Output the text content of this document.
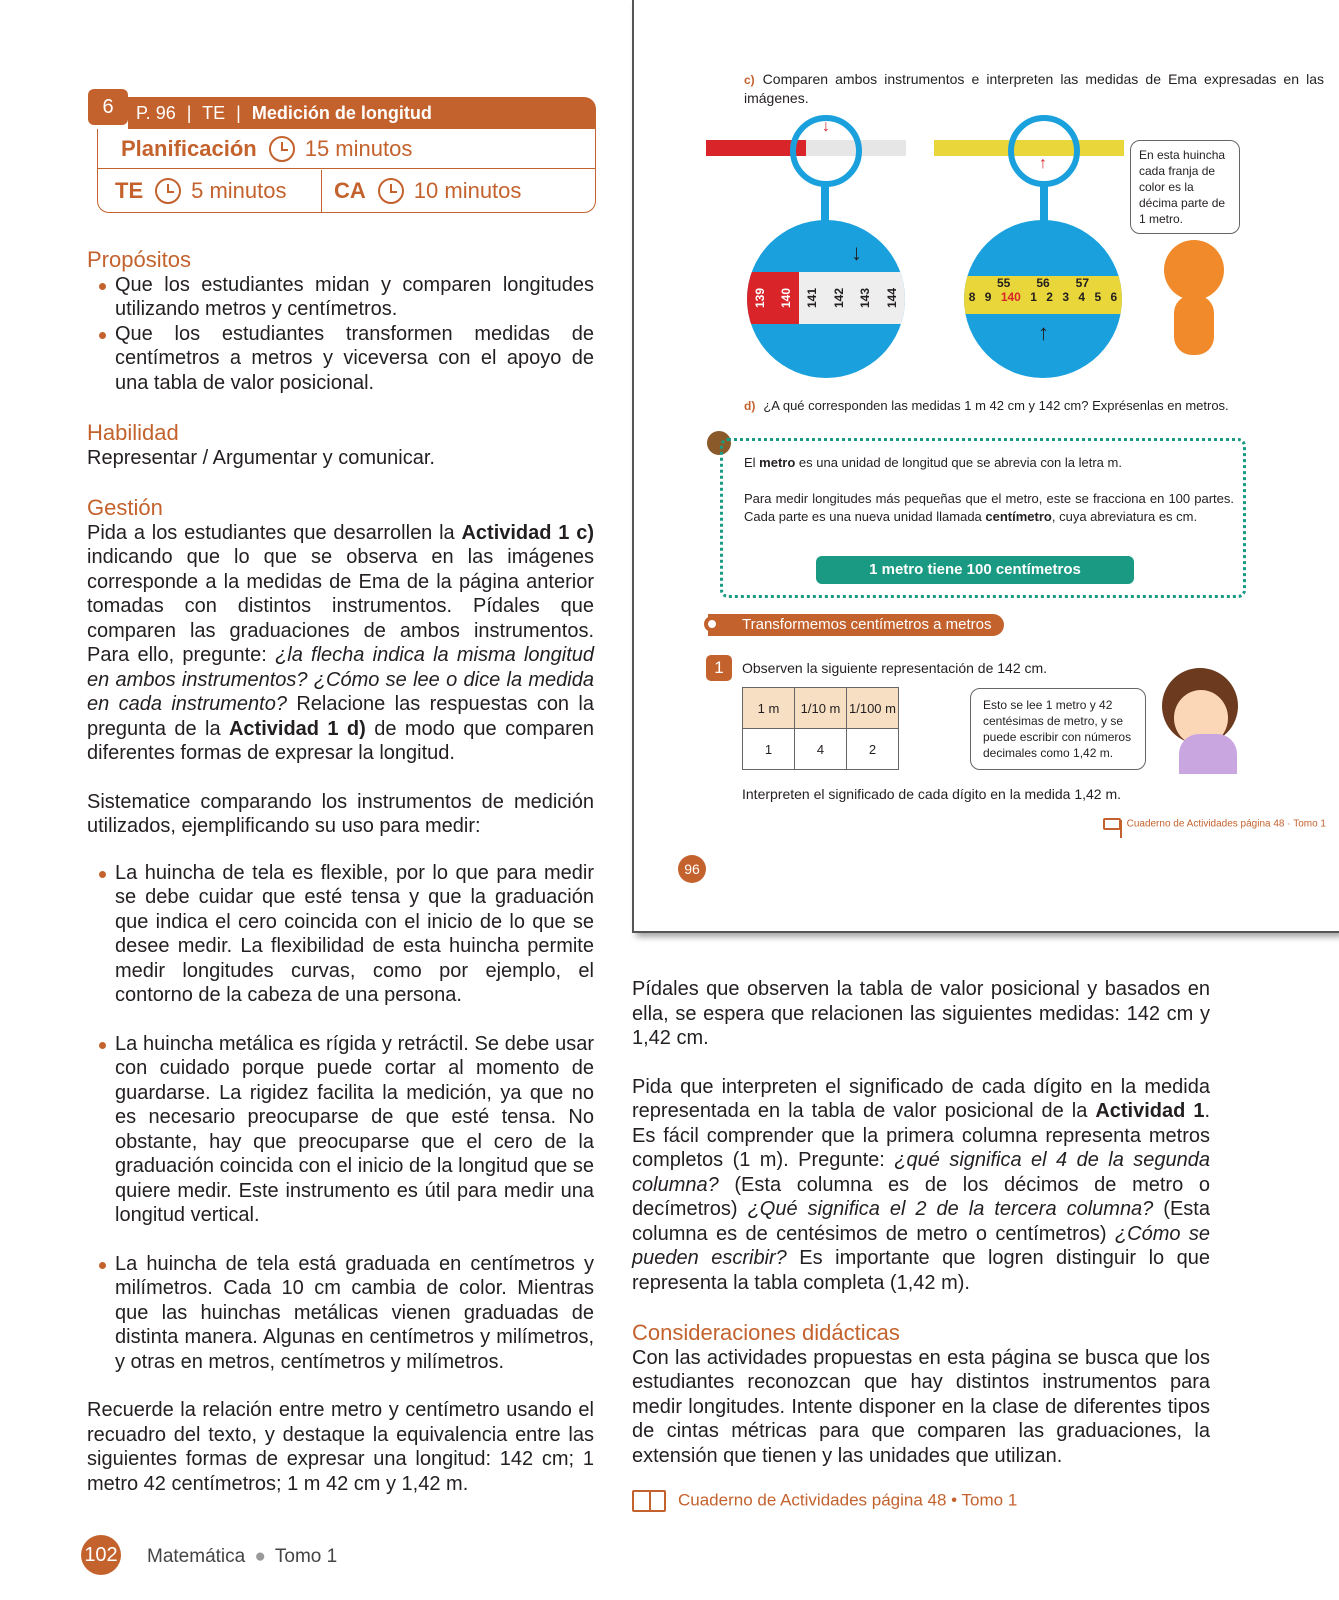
6	P. 96 | TE | Medición de longitud
Planificación 15 minutos
TE 5 minutos CA 10 minutos
Propósitos
Que los estudiantes midan y comparen longitudes utilizando metros y centímetros.
Que los estudiantes transformen medidas de centímetros a metros y viceversa con el apoyo de una tabla de valor posicional.
Habilidad
Representar / Argumentar y comunicar.
Gestión
Pida a los estudiantes que desarrollen la Actividad 1 c) indicando que lo que se observa en las imágenes corresponde a la medidas de Ema de la página anterior tomadas con distintos instrumentos. Pídales que comparen las graduaciones de ambos instrumentos. Para ello, pregunte: ¿la flecha indica la misma longitud en ambos instrumentos? ¿Cómo se lee o dice la medida en cada instrumento? Relacione las respuestas con la pregunta de la Actividad 1 d) de modo que comparen diferentes formas de expresar la longitud.
Sistematice comparando los instrumentos de medición utilizados, ejemplificando su uso para medir:
La huincha de tela es flexible, por lo que para medir se debe cuidar que esté tensa y que la graduación que indica el cero coincida con el inicio de lo que se desee medir. La flexibilidad de esta huincha permite medir longitudes curvas, como por ejemplo, el contorno de la cabeza de una persona.
La huincha metálica es rígida y retráctil. Se debe usar con cuidado porque puede cortar al momento de guardarse. La rigidez facilita la medición, ya que no es necesario preocuparse de que esté tensa. No obstante, hay que preocuparse que el cero de la graduación coincida con el inicio de la longitud que se quiere medir. Este instrumento es útil para medir una longitud vertical.
La huincha de tela está graduada en centímetros y milímetros. Cada 10 cm cambia de color. Mientras que las huinchas metálicas vienen graduadas de distinta manera. Algunas en centímetros y milímetros, y otras en metros, centímetros y milímetros.
Recuerde la relación entre metro y centímetro usando el recuadro del texto, y destaque la equivalencia entre las siguientes formas de expresar una longitud: 142 cm; 1 metro 42 centímetros; 1 m 42 cm y 1,42 m.
c) Comparen ambos instrumentos e interpreten las medidas de Ema expresadas en las imágenes.
↓
↑
139 140 141 142 143 144
↓
55 56 57
8 9 140 1 2 3 4 5 6
↑
En esta huincha cada franja de color es la décima parte de 1 metro.
d) ¿A qué corresponden las medidas 1 m 42 cm y 142 cm? Exprésenlas en metros.
El metro es una unidad de longitud que se abrevia con la letra m.
Para medir longitudes más pequeñas que el metro, este se fracciona en 100 partes. Cada parte es una nueva unidad llamada centímetro, cuya abreviatura es cm.
1 metro tiene 100 centímetros
Transformemos centímetros a metros
1	Observen la siguiente representación de 142 cm.
1 m	1/10 m	1/100 m
1	4	2
Esto se lee 1 metro y 42 centésimas de metro, y se puede escribir con números decimales como 1,42 m.
Interpreten el significado de cada dígito en la medida 1,42 m.
Cuaderno de Actividades página 48 · Tomo 1
96
Pídales que observen la tabla de valor posicional y basados en ella, se espera que relacionen las siguientes medidas: 142 cm y 1,42 cm.
Pida que interpreten el significado de cada dígito en la medida representada en la tabla de valor posicional de la Actividad 1. Es fácil comprender que la primera columna representa metros completos (1 m). Pregunte: ¿qué significa el 4 de la segunda columna? (Esta columna es de los décimos de metro o decímetros) ¿Qué significa el 2 de la tercera columna? (Esta columna es de centésimos de metro o centímetros) ¿Cómo se pueden escribir? Es importante que logren distinguir lo que representa la tabla completa (1,42 m).
Consideraciones didácticas
Con las actividades propuestas en esta página se busca que los estudiantes reconozcan que hay distintos instrumentos para medir longitudes. Intente disponer en la clase de diferentes tipos de cintas métricas para que comparen las graduaciones, la extensión que tienen y las unidades que utilizan.
Cuaderno de Actividades página 48 • Tomo 1
102 Matemática ● Tomo 1
